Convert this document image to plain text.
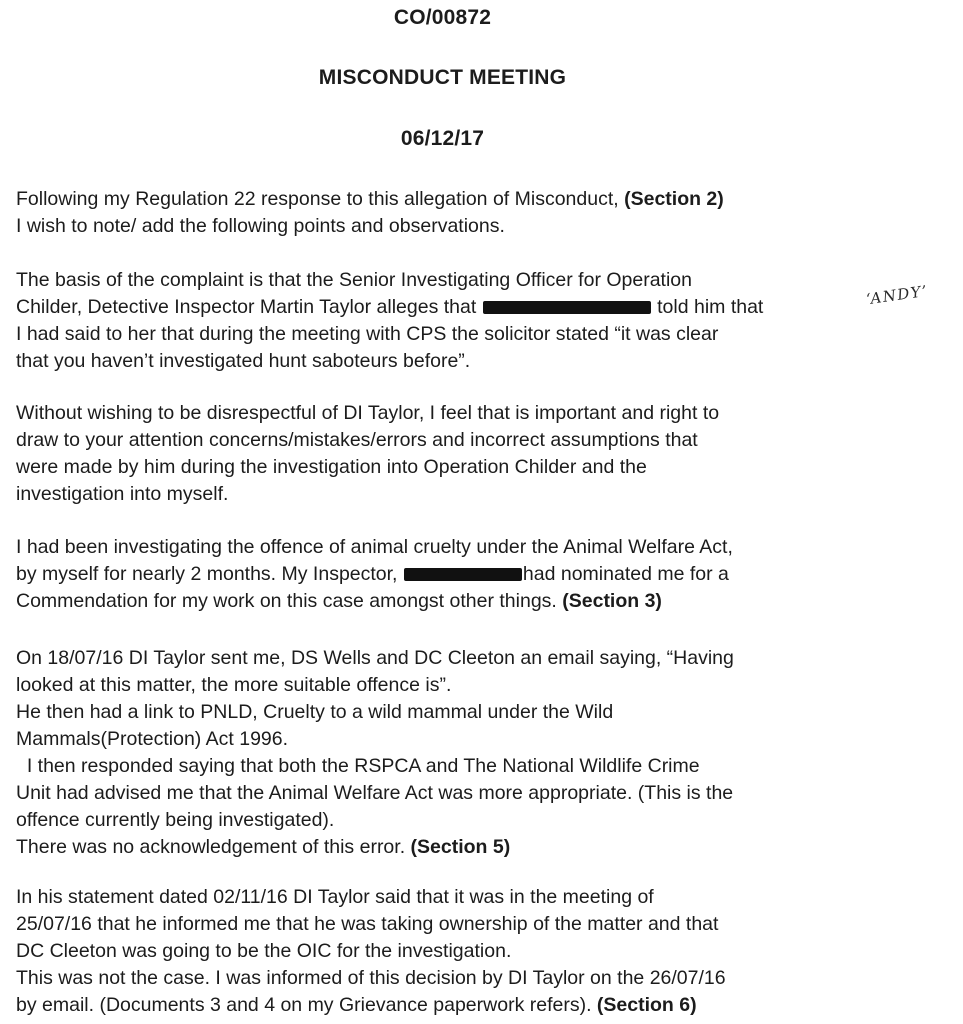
CO/00872
MISCONDUCT MEETING
06/12/17
Following my Regulation 22 response to this allegation of Misconduct, (Section 2)
I wish to note/ add the following points and observations.
The basis of the complaint is that the Senior Investigating Officer for Operation
Childer, Detective Inspector Martin Taylor alleges that	told him that
I had said to her that during the meeting with CPS the solicitor stated “it was clear
that you haven’t investigated hunt saboteurs before”.
‘ANDY’
Without wishing to be disrespectful of DI Taylor, I feel that is important and right to
draw to your attention concerns/mistakes/errors and incorrect assumptions that
were made by him during the investigation into Operation Childer and the
investigation into myself.
I had been investigating the offence of animal cruelty under the Animal Welfare Act,
by myself for nearly 2 months. My Inspector,	had nominated me for a
Commendation for my work on this case amongst other things. (Section 3)
On 18/07/16 DI Taylor sent me, DS Wells and DC Cleeton an email saying, “Having
looked at this matter, the more suitable offence is”.
He then had a link to PNLD, Cruelty to a wild mammal under the Wild
Mammals(Protection) Act 1996.
I then responded saying that both the RSPCA and The National Wildlife Crime
Unit had advised me that the Animal Welfare Act was more appropriate. (This is the
offence currently being investigated).
There was no acknowledgement of this error. (Section 5)
In his statement dated 02/11/16 DI Taylor said that it was in the meeting of
25/07/16 that he informed me that he was taking ownership of the matter and that
DC Cleeton was going to be the OIC for the investigation.
This was not the case. I was informed of this decision by DI Taylor on the 26/07/16
by email. (Documents 3 and 4 on my Grievance paperwork refers). (Section 6)
